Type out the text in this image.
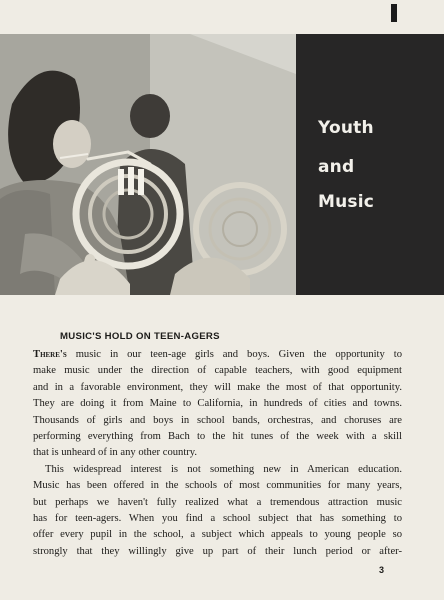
Youth
and
Music
MUSIC'S HOLD ON TEEN-AGERS
There's music in our teen-age girls and boys. Given the opportunity to
make music under the direction of capable teachers, with good equipment
and in a favorable environment, they will make the most of that opportunity.
They are doing it from Maine to California, in hundreds of cities and towns.
Thousands of girls and boys in school bands, orchestras, and choruses are
performing everything from Bach to the hit tunes of the week with a skill
that is unheard of in any other country.
This widespread interest is not something new in American education.
Music has been offered in the schools of most communities for many years,
but perhaps we haven't fully realized what a tremendous attraction music
has for teen-agers. When you find a school subject that has something to
offer every pupil in the school, a subject which appeals to young people so
strongly that they willingly give up part of their lunch period or after-
3
